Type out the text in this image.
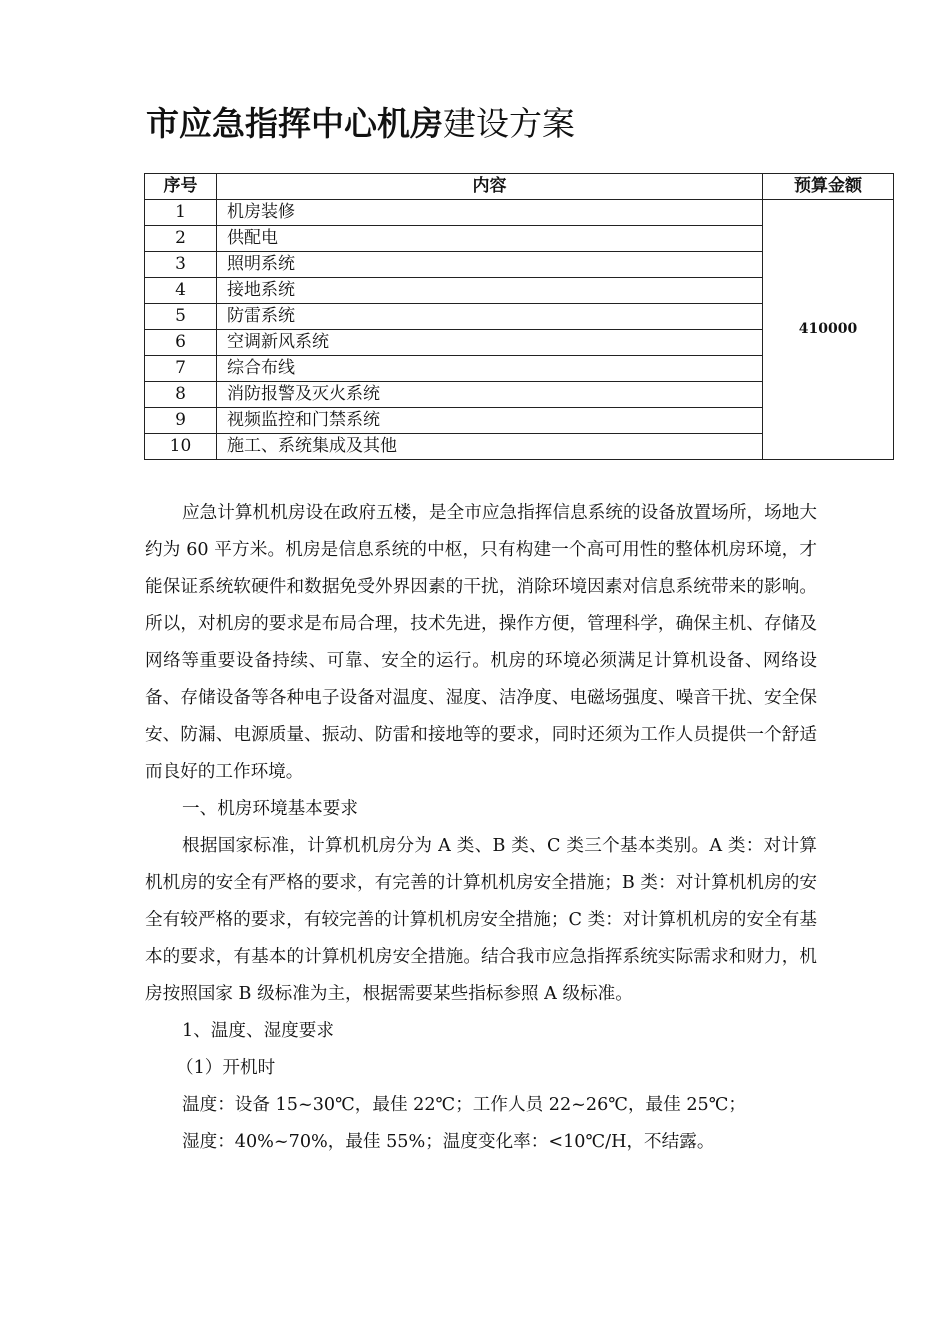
市应急指挥中心机房建设方案
序号	内容	预算金额
1	机房装修	410000
2	供配电	
3	照明系统	
4	接地系统	
5	防雷系统	
6	空调新风系统	
7	综合布线	
8	消防报警及灭火系统	
9	视频监控和门禁系统	
10	施工、系统集成及其他	

应急计算机机房设在政府五楼，是全市应急指挥信息系统的设备放置场所，场地大约为 60 平方米。机房是信息系统的中枢，只有构建一个高可用性的整体机房环境，才能保证系统软硬件和数据免受外界因素的干扰，消除环境因素对信息系统带来的影响。所以，对机房的要求是布局合理，技术先进，操作方便，管理科学，确保主机、存储及网络等重要设备持续、可靠、安全的运行。机房的环境必须满足计算机设备、网络设备、存储设备等各种电子设备对温度、湿度、洁净度、电磁场强度、噪音干扰、安全保安、防漏、电源质量、振动、防雷和接地等的要求，同时还须为工作人员提供一个舒适而良好的工作环境。

一、机房环境基本要求

根据国家标准，计算机机房分为 A 类、B 类、C 类三个基本类别。A 类：对计算机机房的安全有严格的要求，有完善的计算机机房安全措施；B 类：对计算机机房的安全有较严格的要求，有较完善的计算机机房安全措施；C 类：对计算机机房的安全有基本的要求，有基本的计算机机房安全措施。结合我市应急指挥系统实际需求和财力，机房按照国家 B 级标准为主，根据需要某些指标参照 A 级标准。

1、温度、湿度要求

（1）开机时

温度：设备 15~30℃，最佳 22℃；工作人员 22~26℃，最佳 25℃；

湿度：40%~70%，最佳 55%；温度变化率：<10℃/H，不结露。
